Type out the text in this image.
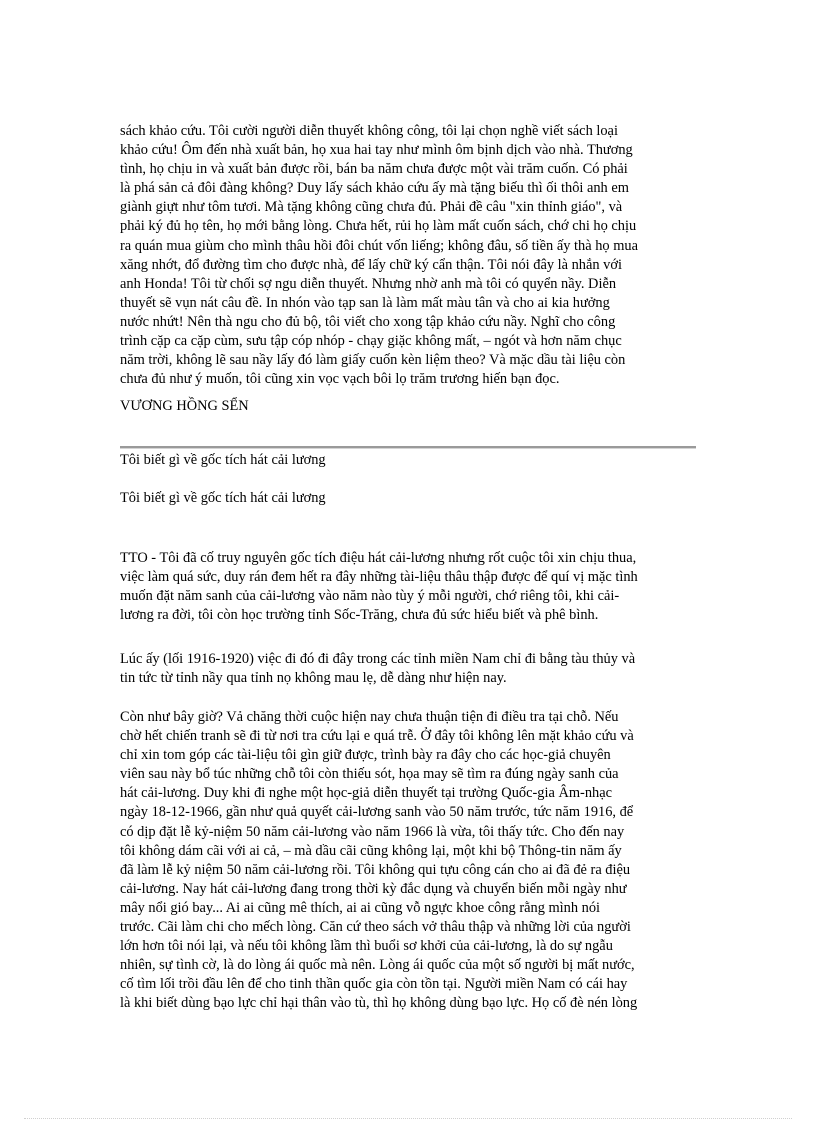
sách khảo cứu. Tôi cười người diễn thuyết không công, tôi lại chọn nghề viết sách loại
khảo cứu! Ôm đến nhà xuất bản, họ xua hai tay như mình ôm bịnh dịch vào nhà. Thương
tình, họ chịu in và xuất bản được rồi, bán ba năm chưa được một vài trăm cuốn. Có phải
là phá sản cả đôi đàng không? Duy lấy sách khảo cứu ấy mà tặng biếu thì ối thôi anh em
giành giựt như tôm tươi. Mà tặng không cũng chưa đủ. Phải đề câu "xin thỉnh giáo", và
phải ký đủ họ tên, họ mới bằng lòng. Chưa hết, rủi họ làm mất cuốn sách, chớ chi họ chịu
ra quán mua giùm cho mình thâu hồi đôi chút vốn liếng; không đâu, số tiền ấy thà họ mua
xăng nhớt, đổ đường tìm cho được nhà, để lấy chữ ký cẩn thận. Tôi nói đây là nhắn với
anh Honda! Tôi từ chối sợ ngu diễn thuyết. Nhưng nhờ anh mà tôi có quyển nầy. Diễn
thuyết sẽ vụn nát câu đề. In nhón vào tạp san là làm mất màu tân và cho ai kia hưởng
nước nhứt! Nên thà ngu cho đủ bộ, tôi viết cho xong tập khảo cứu nầy. Nghĩ cho công
trình cặp ca cặp cùm, sưu tập cóp nhóp - chạy giặc không mất, – ngót và hơn năm chục
năm trời, không lẽ sau nầy lấy đó làm giấy cuốn kèn liệm theo? Và mặc dầu tài liệu còn
chưa đủ như ý muốn, tôi cũng xin vọc vạch bôi lọ trăm trương hiến bạn đọc.

VƯƠNG HỒNG SỂN

Tôi biết gì về gốc tích hát cải lương

Tôi biết gì về gốc tích hát cải lương

TTO - Tôi đã cố truy nguyên gốc tích điệu hát cải-lương nhưng rốt cuộc tôi xin chịu thua,
việc làm quá sức, duy rán đem hết ra đây những tài-liệu thâu thập được để quí vị mặc tình
muốn đặt năm sanh của cải-lương vào năm nào tùy ý mỗi người, chớ riêng tôi, khi cải-
lương ra đời, tôi còn học trường tỉnh Sốc-Trăng, chưa đủ sức hiểu biết và phê bình.

Lúc ấy (lối 1916-1920) việc đi đó đi đây trong các tỉnh miền Nam chỉ đi bằng tàu thủy và
tin tức từ tỉnh nầy qua tỉnh nọ không mau lẹ, dễ dàng như hiện nay.

Còn như bây giờ? Vả chăng thời cuộc hiện nay chưa thuận tiện đi điều tra tại chỗ. Nếu
chờ hết chiến tranh sẽ đi từ nơi tra cứu lại e quá trễ. Ở đây tôi không lên mặt khảo cứu và
chỉ xin tom góp các tài-liệu tôi gìn giữ được, trình bày ra đây cho các học-giả chuyên
viên sau này bổ túc những chỗ tôi còn thiếu sót, họa may sẽ tìm ra đúng ngày sanh của
hát cải-lương. Duy khi đi nghe một học-giả diễn thuyết tại trường Quốc-gia Âm-nhạc
ngày 18-12-1966, gần như quả quyết cải-lương sanh vào 50 năm trước, tức năm 1916, để
có dịp đặt lễ kỷ-niệm 50 năm cải-lương vào năm 1966 là vừa, tôi thấy tức. Cho đến nay
tôi không dám cãi với ai cả, – mà dầu cãi cũng không lại, một khi bộ Thông-tin năm ấy
đã làm lễ kỷ niệm 50 năm cải-lương rồi. Tôi không qui tựu công cán cho ai đã đẻ ra điệu
cải-lương. Nay hát cải-lương đang trong thời kỳ đắc dụng và chuyển biến mỗi ngày như
mây nổi gió bay... Ai ai cũng mê thích, ai ai cũng vỗ ngực khoe công rằng mình nói
trước. Cãi làm chi cho mếch lòng. Căn cứ theo sách vở thâu thập và những lời của người
lớn hơn tôi nói lại, và nếu tôi không lầm thì buổi sơ khởi của cải-lương, là do sự ngẫu
nhiên, sự tình cờ, là do lòng ái quốc mà nên. Lòng ái quốc của một số người bị mất nước,
cố tìm lối trồi đầu lên để cho tinh thần quốc gia còn tồn tại. Người miền Nam có cái hay
là khi biết dùng bạo lực chỉ hại thân vào tù, thì họ không dùng bạo lực. Họ cố đè nén lòng
